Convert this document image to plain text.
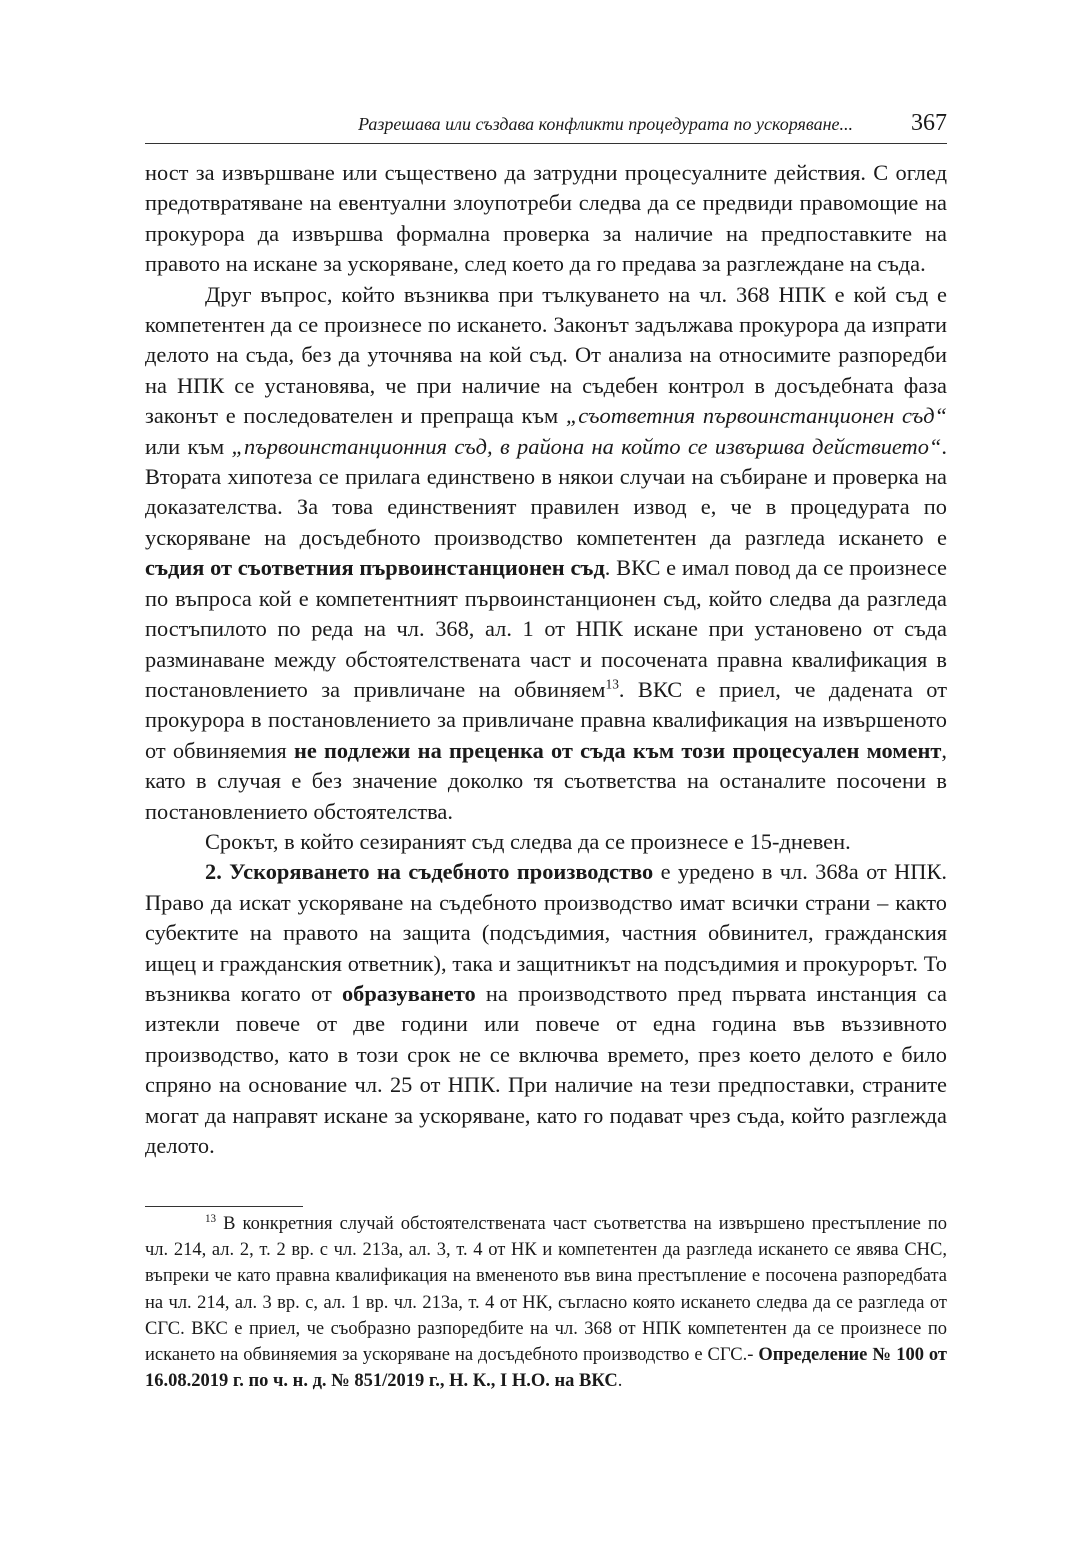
Разрешава или създава конфликти процедурата по ускоряване... 367

ност за извършване или съществено да затрудни процесуалните действия. С оглед предотвратяване на евентуални злоупотреби следва да се предвиди правомощие на прокурора да извършва формална проверка за наличие на предпоставките на правото на искане за ускоряване, след което да го предава за разглеждане на съда.

Друг въпрос, който възниква при тълкуването на чл. 368 НПК е кой съд е компетентен да се произнесе по искането. Законът задължава прокурора да изпрати делото на съда, без да уточнява на кой съд. От анализа на относимите разпоредби на НПК се установява, че при наличие на съдебен контрол в досъдебната фаза законът е последователен и препраща към „съответния първоинстанционен съд“ или към „първоинстанционния съд, в района на който се извършва действието“. Втората хипотеза се прилага единствено в някои случаи на събиране и проверка на доказателства. За това единственият правилен извод е, че в процедурата по ускоряване на досъдебното производство компетентен да разгледа искането е съдия от съответния първоинстанционен съд. ВКС е имал повод да се произнесе по въпроса кой е компетентният първоинстанционен съд, който следва да разгледа постъпилото по реда на чл. 368, ал. 1 от НПК искане при установено от съда разминаване между обстоятелствената част и посочената правна квалификация в постановлението за привличане на обвиняем$^{13}$. ВКС е приел, че дадената от прокурора в постановлението за привличане правна квалификация на извършеното от обвиняемия не подлежи на преценка от съда към този процесуален момент, като в случая е без значение доколко тя съответства на останалите посочени в постановлението обстоятелства.

Срокът, в който сезираният съд следва да се произнесе е 15-дневен.

2. Ускоряването на съдебното производство е уредено в чл. 368а от НПК. Право да искат ускоряване на съдебното производство имат всички страни – както субектите на правото на защита (подсъдимия, частния обвинител, гражданския ищец и гражданския ответник), така и защитникът на подсъдимия и прокурорът. То възниква когато от образуването на производството пред първата инстанция са изтекли повече от две години или повече от една година във въззивното производство, като в този срок не се включва времето, през което делото е било спряно на основание чл. 25 от НПК. При наличие на тези предпоставки, страните могат да направят искане за ускоряване, като го подават чрез съда, който разглежда делото.

$^{13}$ В конкретния случай обстоятелствената част съответства на извършено престъпление по чл. 214, ал. 2, т. 2 вр. с чл. 213а, ал. 3, т. 4 от НК и компетентен да разгледа искането се явява СНС, въпреки че като правна квалификация на вмененото във вина престъпление е посочена разпоредбата на чл. 214, ал. 3 вр. с, ал. 1 вр. чл. 213а, т. 4 от НК, съгласно която искането следва да се разгледа от СГС. ВКС е приел, че съобразно разпоредбите на чл. 368 от НПК компетентен да се произнесе по искането на обвиняемия за ускоряване на досъдебното производство е СГС.- Определение № 100 от 16.08.2019 г. по ч. н. д. № 851/2019 г., Н. К., I Н.О. на ВКС.
